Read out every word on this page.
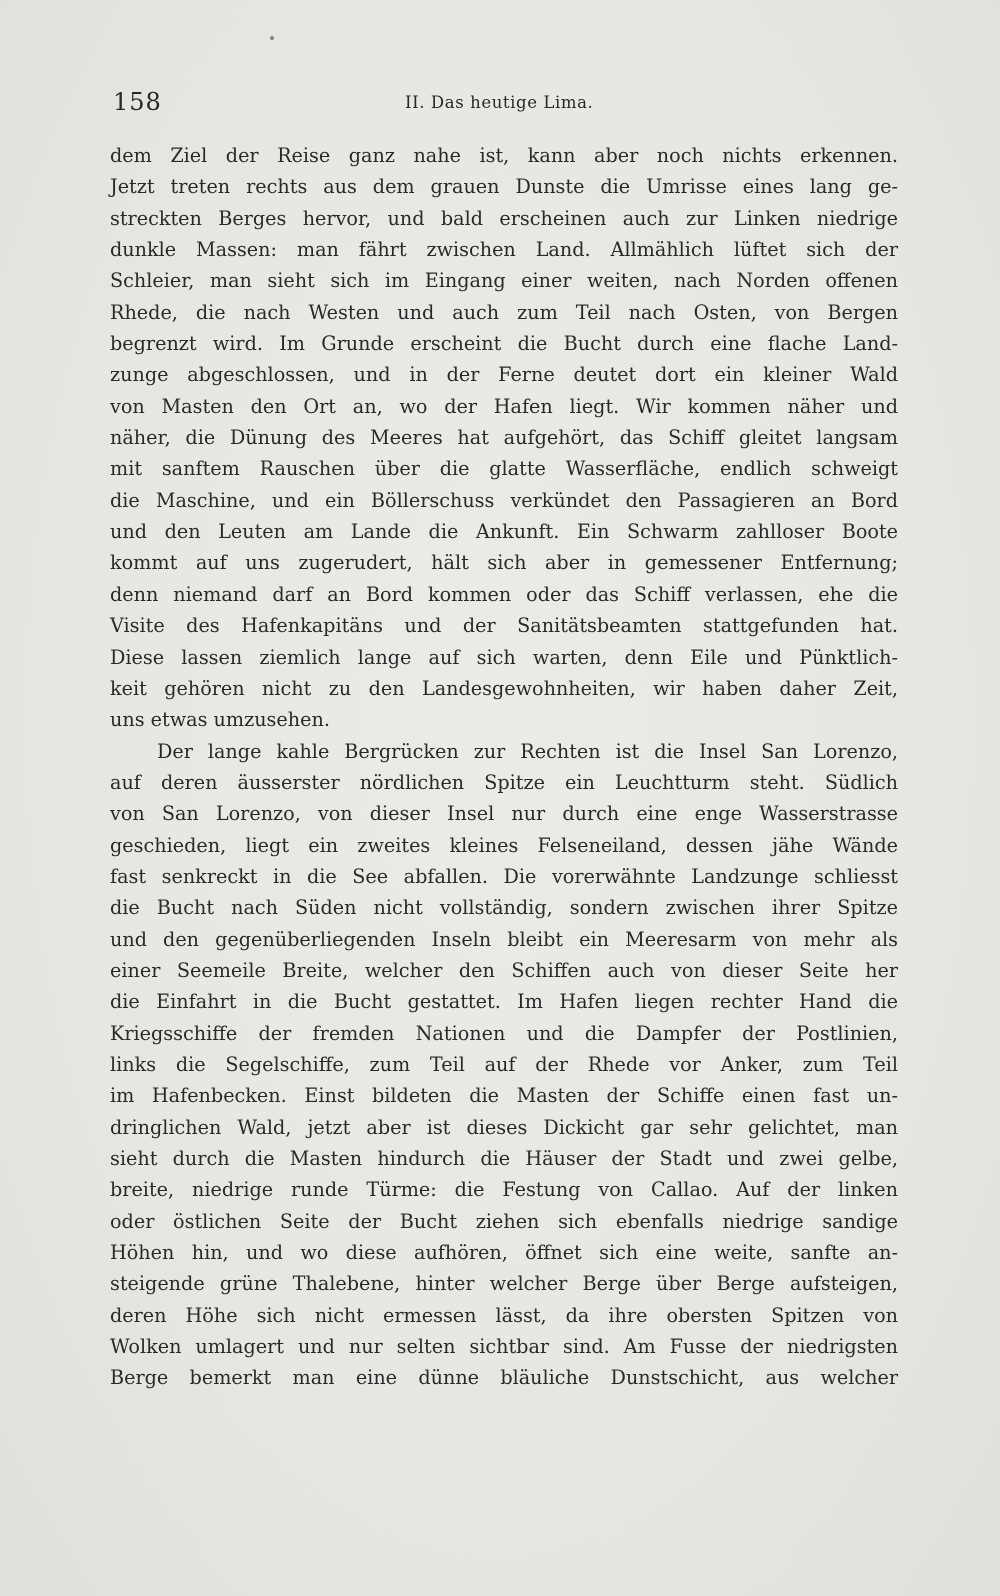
158	II. Das heutige Lima.
dem Ziel der Reise ganz nahe ist, kann aber noch nichts erkennen.
Jetzt treten rechts aus dem grauen Dunste die Umrisse eines lang ge-
streckten Berges hervor, und bald erscheinen auch zur Linken niedrige
dunkle Massen: man fährt zwischen Land. Allmählich lüftet sich der
Schleier, man sieht sich im Eingang einer weiten, nach Norden offenen
Rhede, die nach Westen und auch zum Teil nach Osten, von Bergen
begrenzt wird. Im Grunde erscheint die Bucht durch eine flache Land-
zunge abgeschlossen, und in der Ferne deutet dort ein kleiner Wald
von Masten den Ort an, wo der Hafen liegt. Wir kommen näher und
näher, die Dünung des Meeres hat aufgehört, das Schiff gleitet langsam
mit sanftem Rauschen über die glatte Wasserfläche, endlich schweigt
die Maschine, und ein Böllerschuss verkündet den Passagieren an Bord
und den Leuten am Lande die Ankunft. Ein Schwarm zahlloser Boote
kommt auf uns zugerudert, hält sich aber in gemessener Entfernung;
denn niemand darf an Bord kommen oder das Schiff verlassen, ehe die
Visite des Hafenkapitäns und der Sanitätsbeamten stattgefunden hat.
Diese lassen ziemlich lange auf sich warten, denn Eile und Pünktlich-
keit gehören nicht zu den Landesgewohnheiten, wir haben daher Zeit,
uns etwas umzusehen.
Der lange kahle Bergrücken zur Rechten ist die Insel San Lorenzo,
auf deren äusserster nördlichen Spitze ein Leuchtturm steht. Südlich
von San Lorenzo, von dieser Insel nur durch eine enge Wasserstrasse
geschieden, liegt ein zweites kleines Felseneiland, dessen jähe Wände
fast senkreckt in die See abfallen. Die vorerwähnte Landzunge schliesst
die Bucht nach Süden nicht vollständig, sondern zwischen ihrer Spitze
und den gegenüberliegenden Inseln bleibt ein Meeresarm von mehr als
einer Seemeile Breite, welcher den Schiffen auch von dieser Seite her
die Einfahrt in die Bucht gestattet. Im Hafen liegen rechter Hand die
Kriegsschiffe der fremden Nationen und die Dampfer der Postlinien,
links die Segelschiffe, zum Teil auf der Rhede vor Anker, zum Teil
im Hafenbecken. Einst bildeten die Masten der Schiffe einen fast un-
dringlichen Wald, jetzt aber ist dieses Dickicht gar sehr gelichtet, man
sieht durch die Masten hindurch die Häuser der Stadt und zwei gelbe,
breite, niedrige runde Türme: die Festung von Callao. Auf der linken
oder östlichen Seite der Bucht ziehen sich ebenfalls niedrige sandige
Höhen hin, und wo diese aufhören, öffnet sich eine weite, sanfte an-
steigende grüne Thalebene, hinter welcher Berge über Berge aufsteigen,
deren Höhe sich nicht ermessen lässt, da ihre obersten Spitzen von
Wolken umlagert und nur selten sichtbar sind. Am Fusse der niedrigsten
Berge bemerkt man eine dünne bläuliche Dunstschicht, aus welcher
